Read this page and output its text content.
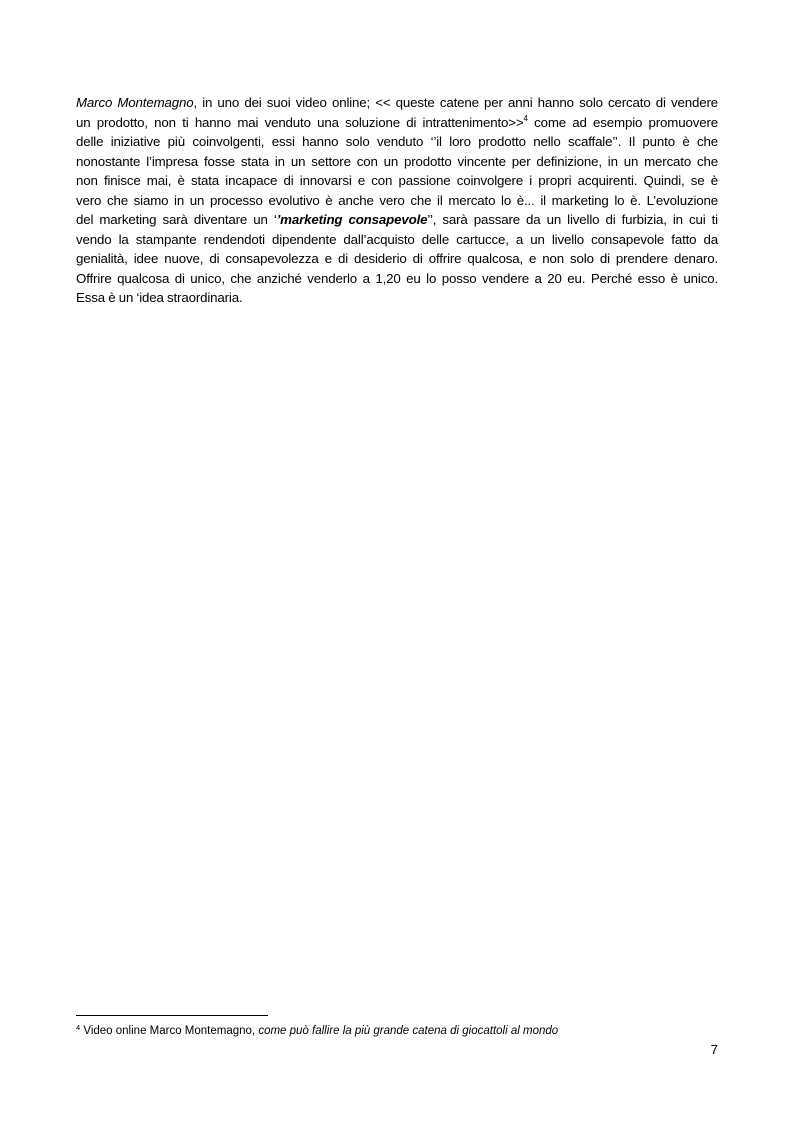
Marco Montemagno, in uno dei suoi video online; << queste catene per anni hanno solo cercato di vendere
un prodotto, non ti hanno mai venduto una soluzione di intrattenimento>>$^4$ come ad esempio promuovere
delle iniziative più coinvolgenti, essi hanno solo venduto ‘’il loro prodotto nello scaffale’’. Il punto è che
nonostante l’impresa fosse stata in un settore con un prodotto vincente per definizione, in un mercato che
non finisce mai, è stata incapace di innovarsi e con passione coinvolgere i propri acquirenti. Quindi, se è
vero che siamo in un processo evolutivo è anche vero che il mercato lo è... il marketing lo è. L’evoluzione
del marketing sarà diventare un ‘’marketing consapevole’’, sarà passare da un livello di furbizia, in cui ti
vendo la stampante rendendoti dipendente dall’acquisto delle cartucce, a un livello consapevole fatto da
genialità, idee nuove, di consapevolezza e di desiderio di offrire qualcosa, e non solo di prendere denaro.
Offrire qualcosa di unico, che anziché venderlo a 1,20 eu lo posso vendere a 20 eu. Perché esso è unico.
Essa è un ‘idea straordinaria.

$^4$ Video online Marco Montemagno, come può fallire la più grande catena di giocattoli al mondo
7
